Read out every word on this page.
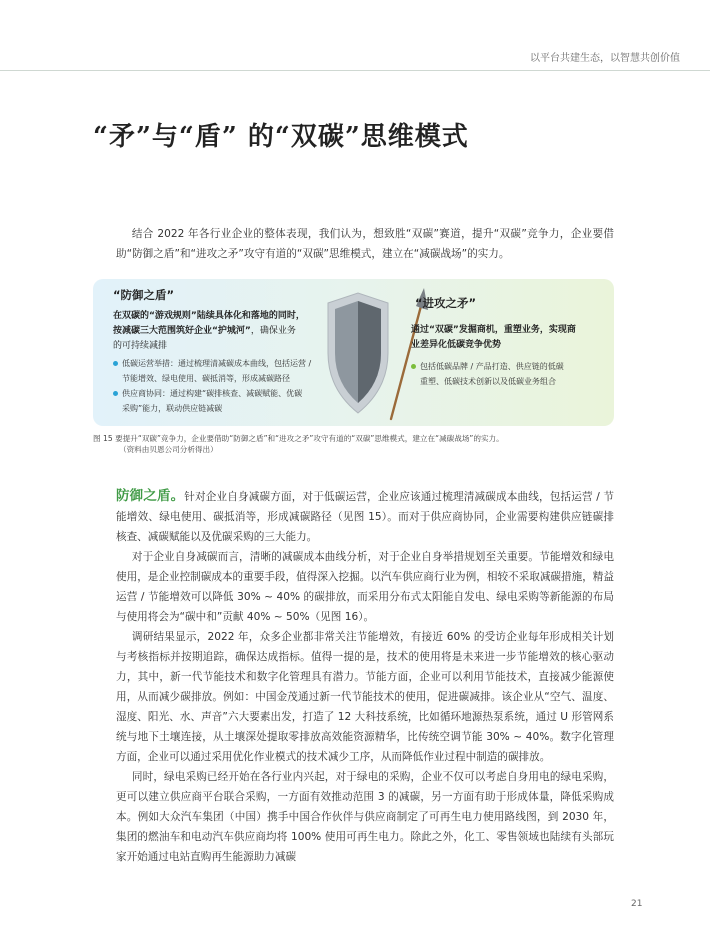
以平台共建生态，以智慧共创价值
“矛”与“盾” 的“双碳”思维模式

结合 2022 年各行业企业的整体表现，我们认为，想致胜“双碳”赛道，提升“双碳”竞争力，企业要借助“防御之盾”和“进攻之矛”攻守有道的“双碳”思维模式，建立在“减碳战场”的实力。

“防御之盾”

在双碳的“游戏规则”陆续具体化和落地的同时，
按减碳三大范围筑好企业“护城河”，确保业务
的可持续减排

低碳运营举措：通过梳理清减碳成本曲线，包括运营 /
节能增效、绿电使用、碳抵消等，形成减碳路径
供应商协同：通过构建“碳排核查、减碳赋能、优碳
采购”能力，联动供应链减碳

“进攻之矛”

通过“双碳”发掘商机，重塑业务，实现商
业差异化低碳竞争优势

包括低碳品牌 / 产品打造、供应链的低碳
重塑、低碳技术创新以及低碳业务组合

图 15 要提升“双碳”竞争力，企业要借助“防御之盾”和“进攻之矛”攻守有道的“双碳”思维模式，建立在“减碳战场”的实力。
（资料由贝恩公司分析得出）

防御之盾。针对企业自身减碳方面，对于低碳运营，企业应该通过梳理清减碳成本曲线，包括运营 / 节能增效、绿电使用、碳抵消等，形成减碳路径（见图 15）。而对于供应商协同，企业需要构建供应链碳排核查、减碳赋能以及优碳采购的三大能力。

对于企业自身减碳而言，清晰的减碳成本曲线分析，对于企业自身举措规划至关重要。节能增效和绿电使用，是企业控制碳成本的重要手段，值得深入挖掘。以汽车供应商行业为例，相较不采取减碳措施，精益运营 / 节能增效可以降低 30% ~ 40% 的碳排放，而采用分布式太阳能自发电、绿电采购等新能源的布局与使用将会为“碳中和”贡献 40% ~ 50%（见图 16）。

调研结果显示，2022 年，众多企业都非常关注节能增效，有接近 60% 的受访企业每年形成相关计划与考核指标并按期追踪，确保达成指标。值得一提的是，技术的使用将是未来进一步节能增效的核心驱动力，其中，新一代节能技术和数字化管理具有潜力。节能方面，企业可以利用节能技术，直接减少能源使用，从而减少碳排放。例如：中国金茂通过新一代节能技术的使用，促进碳减排。该企业从“空气、温度、湿度、阳光、水、声音”六大要素出发，打造了 12 大科技系统，比如循环地源热泵系统，通过 U 形管网系统与地下土壤连接，从土壤深处提取零排放高效能资源精华，比传统空调节能 30% ~ 40%。数字化管理方面，企业可以通过采用优化作业模式的技术减少工序，从而降低作业过程中制造的碳排放。

同时，绿电采购已经开始在各行业内兴起，对于绿电的采购，企业不仅可以考虑自身用电的绿电采购，更可以建立供应商平台联合采购，一方面有效推动范围 3 的减碳，另一方面有助于形成体量，降低采购成本。例如大众汽车集团（中国）携手中国合作伙伴与供应商制定了可再生电力使用路线图，到 2030 年，集团的燃油车和电动汽车供应商均将 100% 使用可再生电力。除此之外，化工、零售领域也陆续有头部玩家开始通过电站直购再生能源助力减碳

21
